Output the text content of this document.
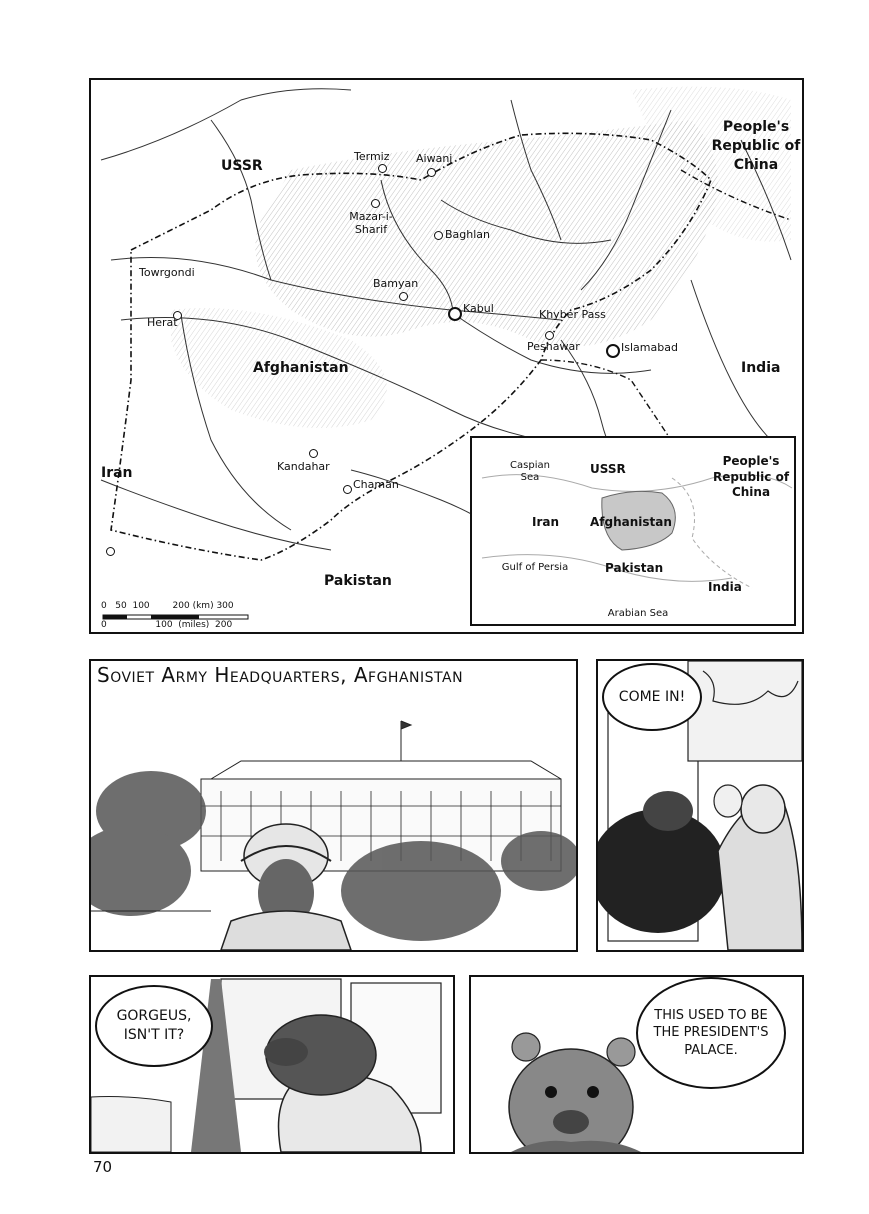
USSR
People's Republic of China
Afghanistan
Iran
India
Pakistan
Termiz Aiwanj
Mazar-i-Sharif	Baghlan
Towrgondi
Bamyan
Herat
Kabul	Khyber Pass
Peshawar	Islamabad
Kandahar
Chaman
0   50  100        200 (km) 300
0                 100  (miles)  200
Caspian Sea
USSR
People's Republic of China
Iran	Afghanistan
Gulf of Persia	Pakistan
India
Arabian Sea
Soviet Army Headquarters, Afghanistan
COME IN!
GORGEUS, ISN'T IT?
THIS USED TO BE THE PRESIDENT'S PALACE.
70
